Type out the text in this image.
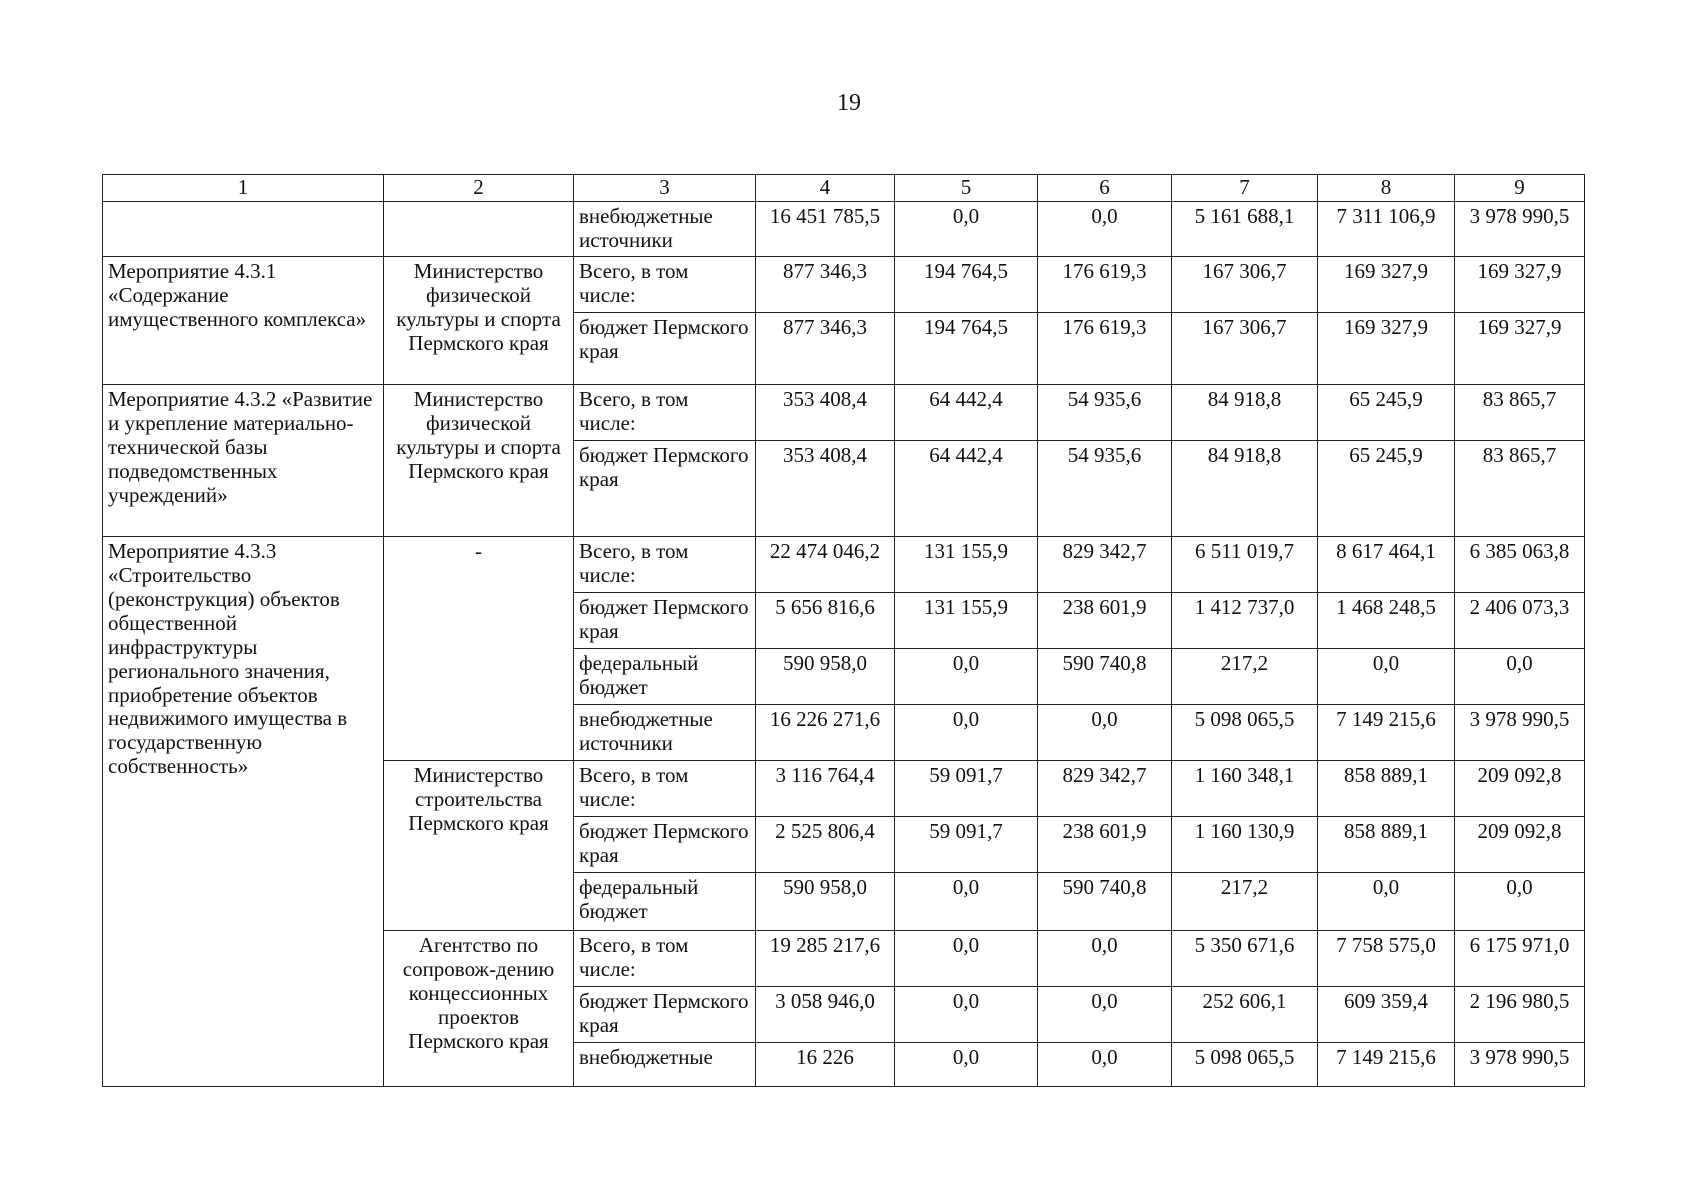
19
1	2	3	4	5	6	7	8	9
		внебюджетные источники	16 451 785,5	0,0	0,0	5 161 688,1	7 311 106,9	3 978 990,5
Мероприятие 4.3.1 «Содержание имущественного комплекса»	Министерство физической культуры и спорта Пермского края	Всего, в том числе:	877 346,3	194 764,5	176 619,3	167 306,7	169 327,9	169 327,9
		бюджет Пермского края	877 346,3	194 764,5	176 619,3	167 306,7	169 327,9	169 327,9
Мероприятие 4.3.2 «Развитие и укрепление материально-технической базы подведомственных учреждений»	Министерство физической культуры и спорта Пермского края	Всего, в том числе:	353 408,4	64 442,4	54 935,6	84 918,8	65 245,9	83 865,7
		бюджет Пермского края	353 408,4	64 442,4	54 935,6	84 918,8	65 245,9	83 865,7
Мероприятие 4.3.3 «Строительство (реконструкция) объектов общественной инфраструктуры регионального значения, приобретение объектов недвижимого имущества в государственную собственность»	-	Всего, в том числе:	22 474 046,2	131 155,9	829 342,7	6 511 019,7	8 617 464,1	6 385 063,8
		бюджет Пермского края	5 656 816,6	131 155,9	238 601,9	1 412 737,0	1 468 248,5	2 406 073,3
		федеральный бюджет	590 958,0	0,0	590 740,8	217,2	0,0	0,0
		внебюджетные источники	16 226 271,6	0,0	0,0	5 098 065,5	7 149 215,6	3 978 990,5
	Министерство строительства Пермского края	Всего, в том числе:	3 116 764,4	59 091,7	829 342,7	1 160 348,1	858 889,1	209 092,8
		бюджет Пермского края	2 525 806,4	59 091,7	238 601,9	1 160 130,9	858 889,1	209 092,8
		федеральный бюджет	590 958,0	0,0	590 740,8	217,2	0,0	0,0
	Агентство по сопровож-дению концессионных проектов Пермского края	Всего, в том числе:	19 285 217,6	0,0	0,0	5 350 671,6	7 758 575,0	6 175 971,0
		бюджет Пермского края	3 058 946,0	0,0	0,0	252 606,1	609 359,4	2 196 980,5
		внебюджетные	16 226	0,0	0,0	5 098 065,5	7 149 215,6	3 978 990,5
